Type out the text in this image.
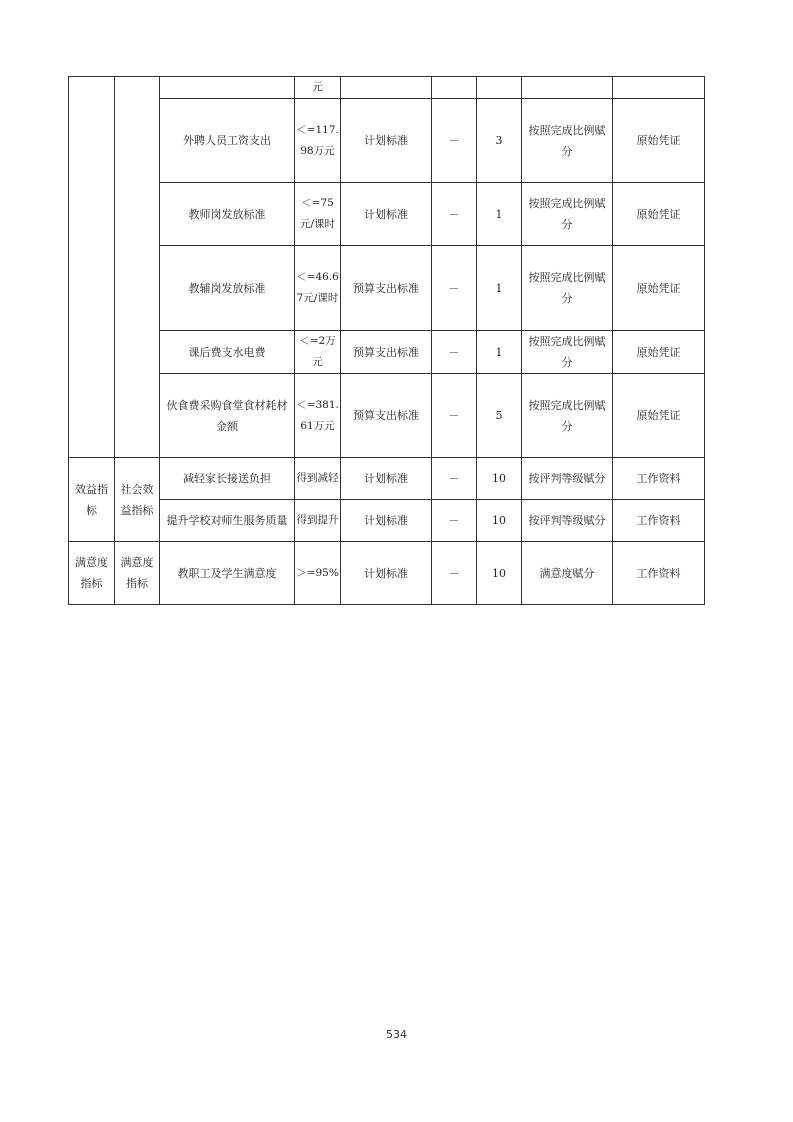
			元					
		外聘人员工资支出	＜=117.98万元	计划标准	－	3	按照完成比例赋分	原始凭证
		教师岗发放标准	＜=75元/课时	计划标准	－	1	按照完成比例赋分	原始凭证
		教辅岗发放标准	＜=46.67元/课时	预算支出标准	－	1	按照完成比例赋分	原始凭证
		课后费支水电费	＜=2万元	预算支出标准	－	1	按照完成比例赋分	原始凭证
		伙食费采购食堂食材耗材金额	＜=381.61万元	预算支出标准	－	5	按照完成比例赋分	原始凭证
效益指标	社会效益指标	减轻家长接送负担	得到减轻	计划标准	－	10	按评判等级赋分	工作资料
		提升学校对师生服务质量	得到提升	计划标准	－	10	按评判等级赋分	工作资料
满意度指标	满意度指标	教职工及学生满意度	＞=95%	计划标准	－	10	满意度赋分	工作资料
534
